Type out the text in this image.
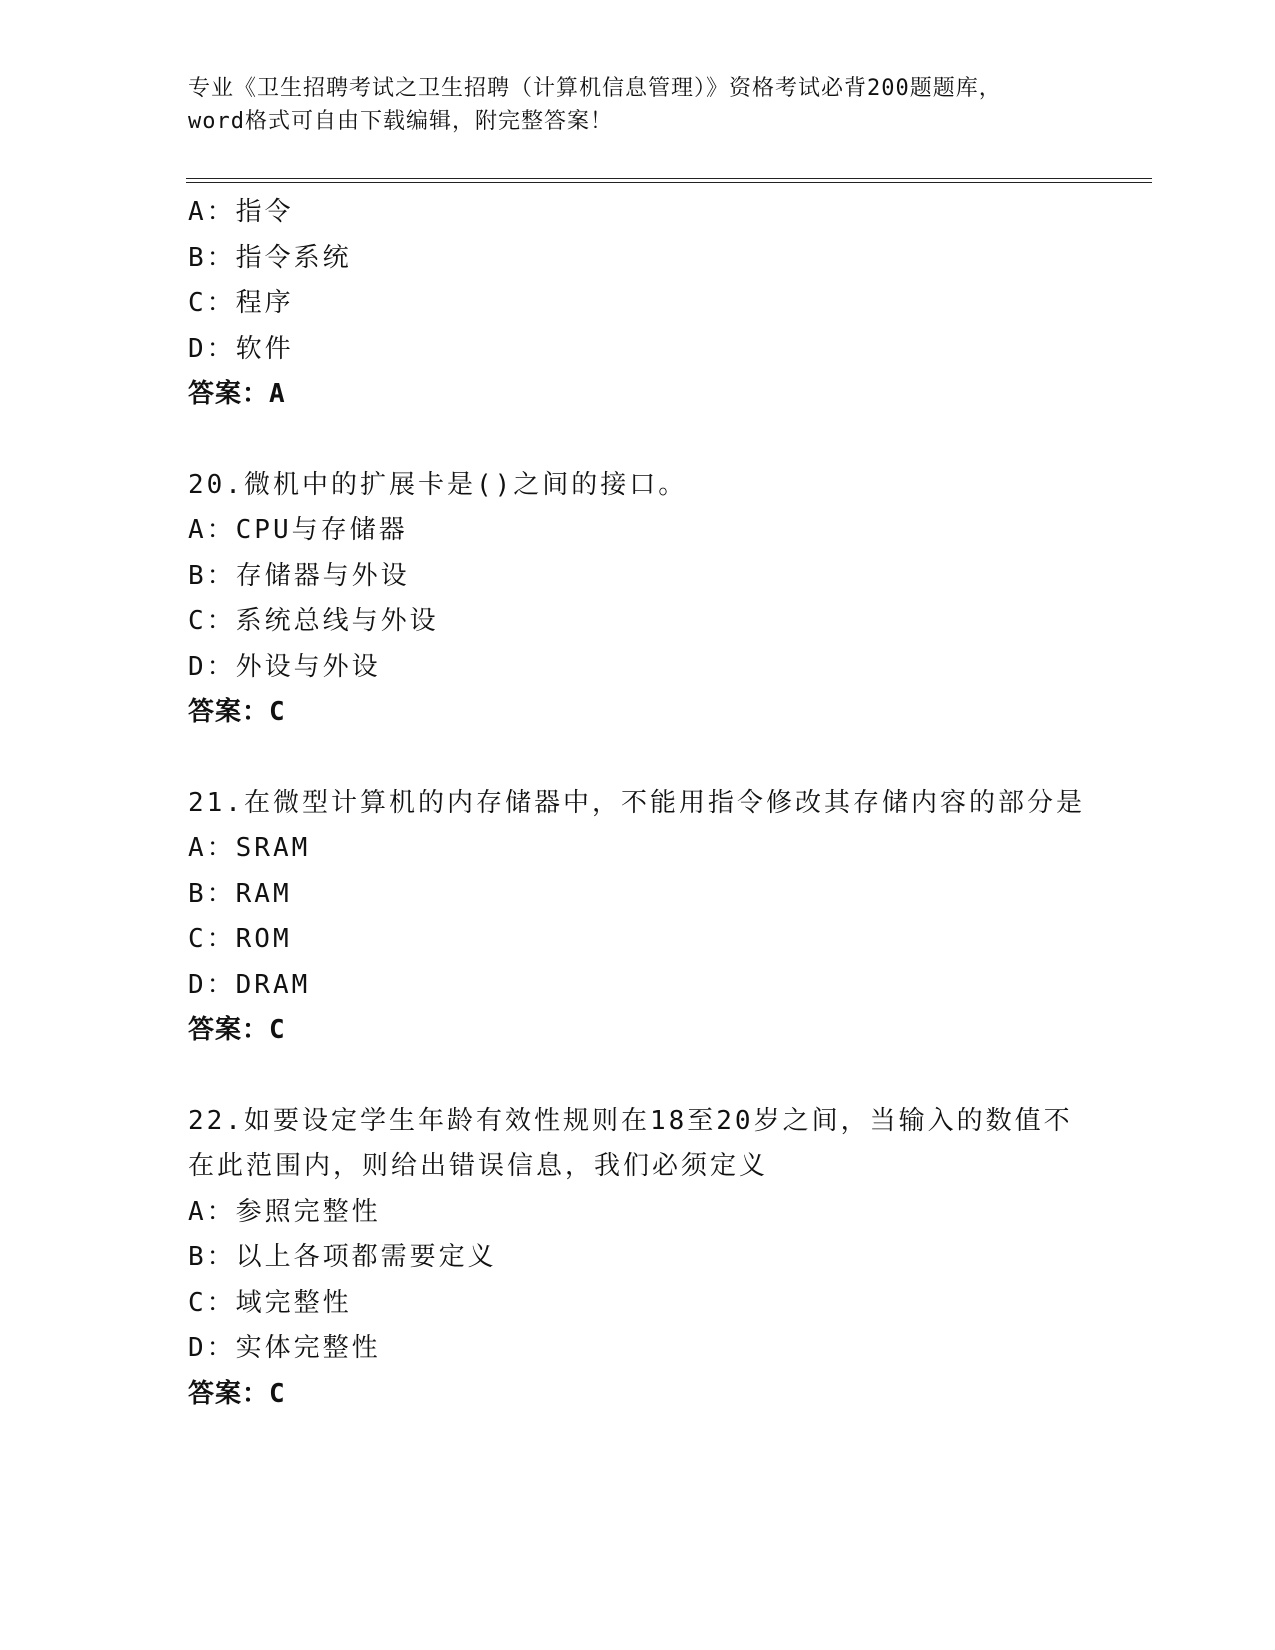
专业《卫生招聘考试之卫生招聘（计算机信息管理）》资格考试必背200题题库，
word格式可自由下载编辑，附完整答案！
A：指令
B：指令系统
C：程序
D：软件
答案：A
20.微机中的扩展卡是()之间的接口。
A：CPU与存储器
B：存储器与外设
C：系统总线与外设
D：外设与外设
答案：C
21.在微型计算机的内存储器中，不能用指令修改其存储内容的部分是
A：SRAM
B：RAM
C：ROM
D：DRAM
答案：C
22.如要设定学生年龄有效性规则在18至20岁之间，当输入的数值不
在此范围内，则给出错误信息，我们必须定义
A：参照完整性
B：以上各项都需要定义
C：域完整性
D：实体完整性
答案：C
